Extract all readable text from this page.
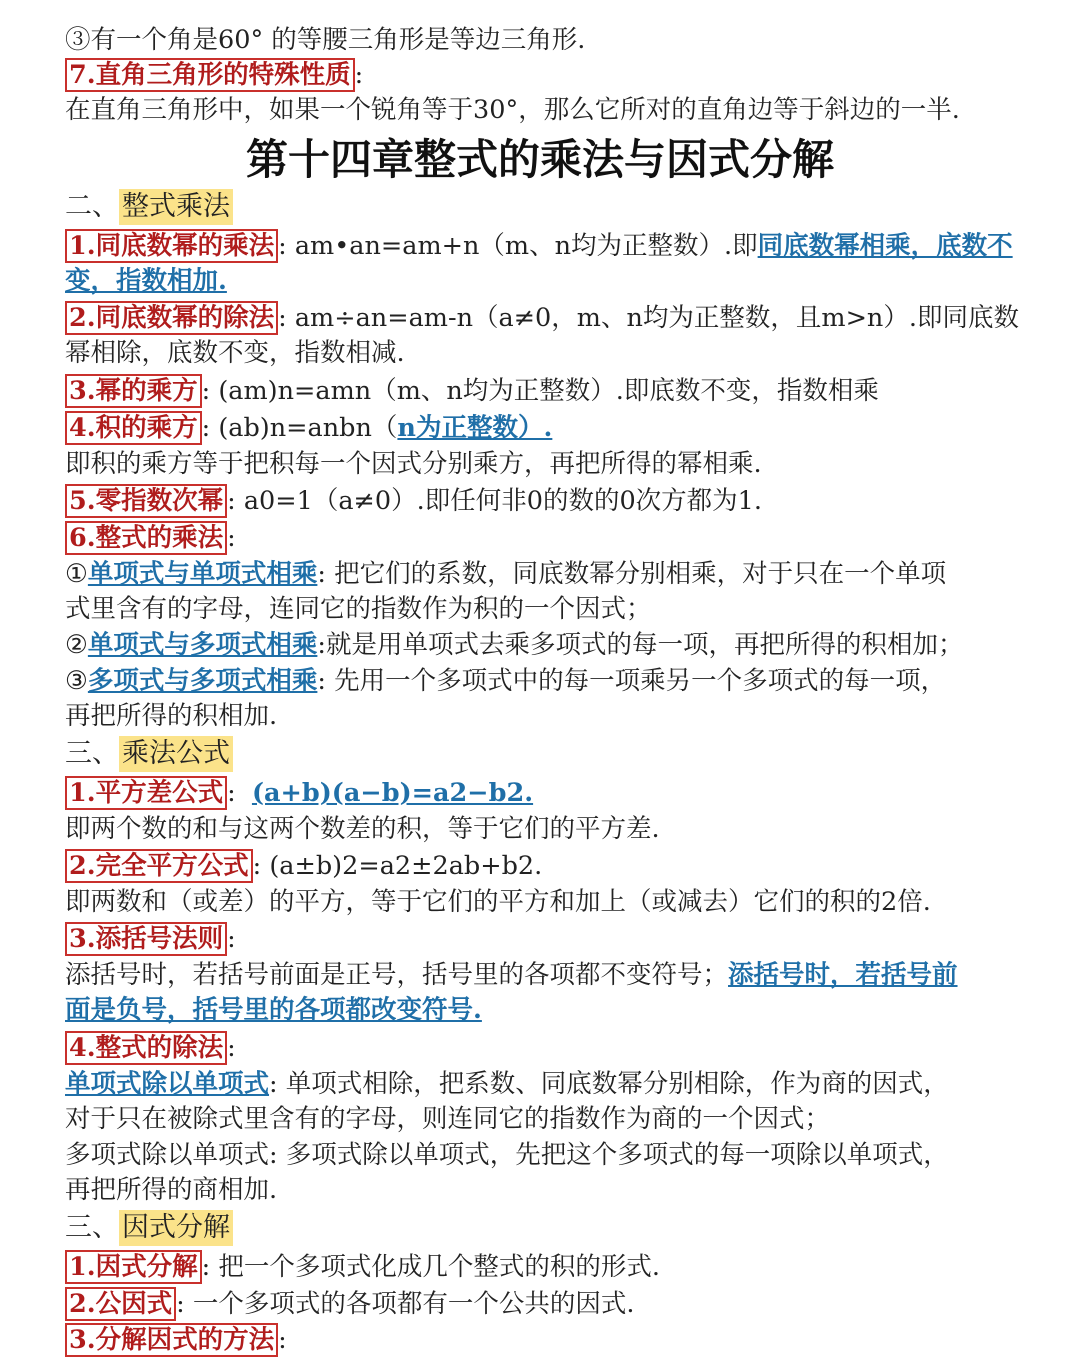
③有一个角是60° 的等腰三角形是等边三角形.
7.直角三角形的特殊性质 :
在直角三角形中，如果一个锐角等于30°，那么它所对的直角边等于斜边的一半.
第十四章整式的乘法与因式分解
二、 整式乘法
1.同底数幂的乘法 : am•an=am+n（m、n均为正整数）.即同底数幂相乘，底数不
变，指数相加.
2.同底数幂的除法 : am÷an=am-n（a≠0，m、n均为正整数，且m>n）.即同底数
幂相除，底数不变，指数相减.
3.幂的乘方 : (am)n=amn（m、n均为正整数）.即底数不变，指数相乘
4.积的乘方 : (ab)n=anbn（n为正整数）.
即积的乘方等于把积每一个因式分别乘方，再把所得的幂相乘.
5.零指数次幂 : a0=1（a≠0）.即任何非0的数的0次方都为1.
6.整式的乘法 :
①单项式与单项式相乘: 把它们的系数，同底数幂分别相乘，对于只在一个单项
式里含有的字母，连同它的指数作为积的一个因式；
②单项式与多项式相乘:就是用单项式去乘多项式的每一项，再把所得的积相加；
③多项式与多项式相乘: 先用一个多项式中的每一项乘另一个多项式的每一项，
再把所得的积相加.
三、 乘法公式
1.平方差公式 :  (a+b)(a−b)=a2−b2.
即两个数的和与这两个数差的积，等于它们的平方差.
2.完全平方公式 : (a±b)2=a2±2ab+b2.
即两数和（或差）的平方，等于它们的平方和加上（或减去）它们的积的2倍.
3.添括号法则 :
添括号时，若括号前面是正号，括号里的各项都不变符号；添括号时，若括号前
面是负号，括号里的各项都改变符号.
4.整式的除法 :
单项式除以单项式: 单项式相除，把系数、同底数幂分别相除，作为商的因式，
对于只在被除式里含有的字母，则连同它的指数作为商的一个因式；
多项式除以单项式: 多项式除以单项式，先把这个多项式的每一项除以单项式，
再把所得的商相加.
三、 因式分解
1.因式分解 : 把一个多项式化成几个整式的积的形式.
2.公因式 : 一个多项式的各项都有一个公共的因式.
3.分解因式的方法 :
